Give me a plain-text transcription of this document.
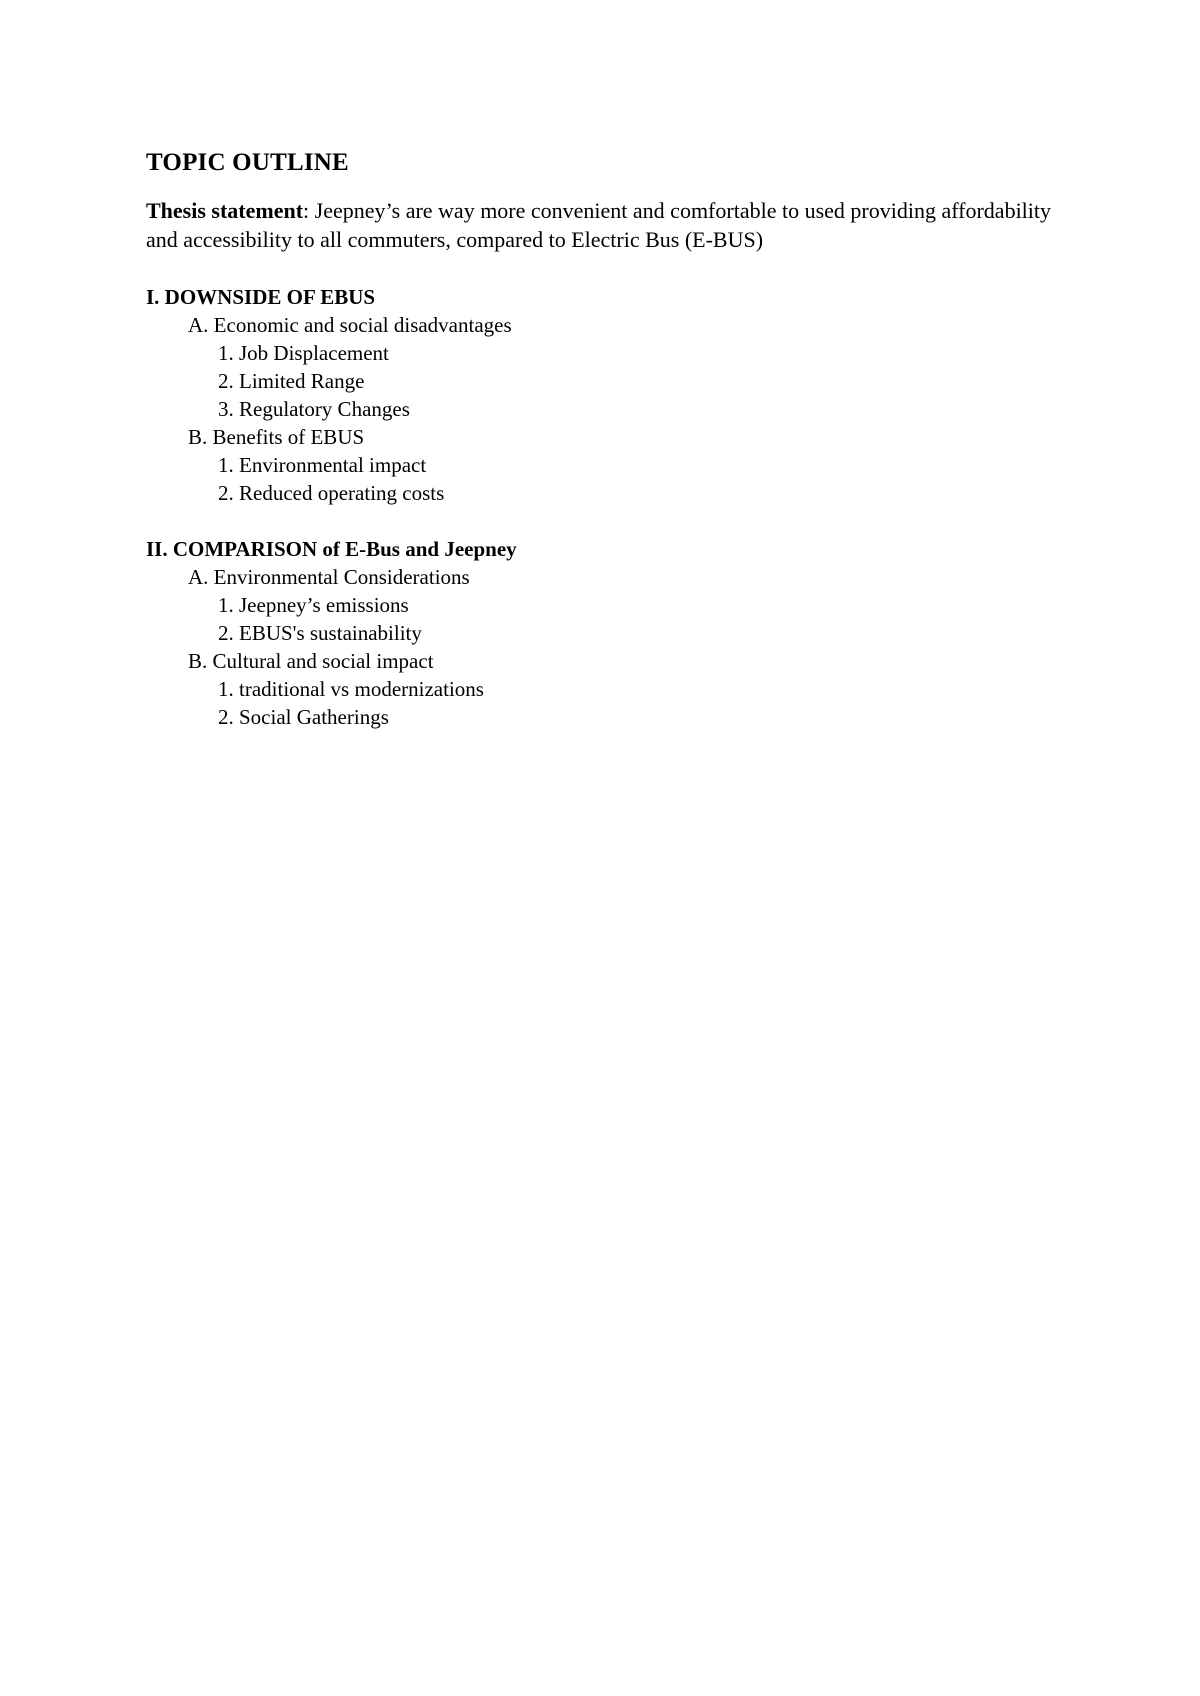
TOPIC OUTLINE
Thesis statement: Jeepney’s are way more convenient and comfortable to used providing affordability and accessibility to all commuters, compared to Electric Bus (E-BUS)
I. DOWNSIDE OF EBUS
A. Economic and social disadvantages
1. Job Displacement
2. Limited Range
3. Regulatory Changes
B. Benefits of EBUS
1. Environmental impact
2. Reduced operating costs
II. COMPARISON of E-Bus and Jeepney
A. Environmental Considerations
1. Jeepney’s emissions
2. EBUS's sustainability
B. Cultural and social impact
1. traditional vs modernizations
2. Social Gatherings
